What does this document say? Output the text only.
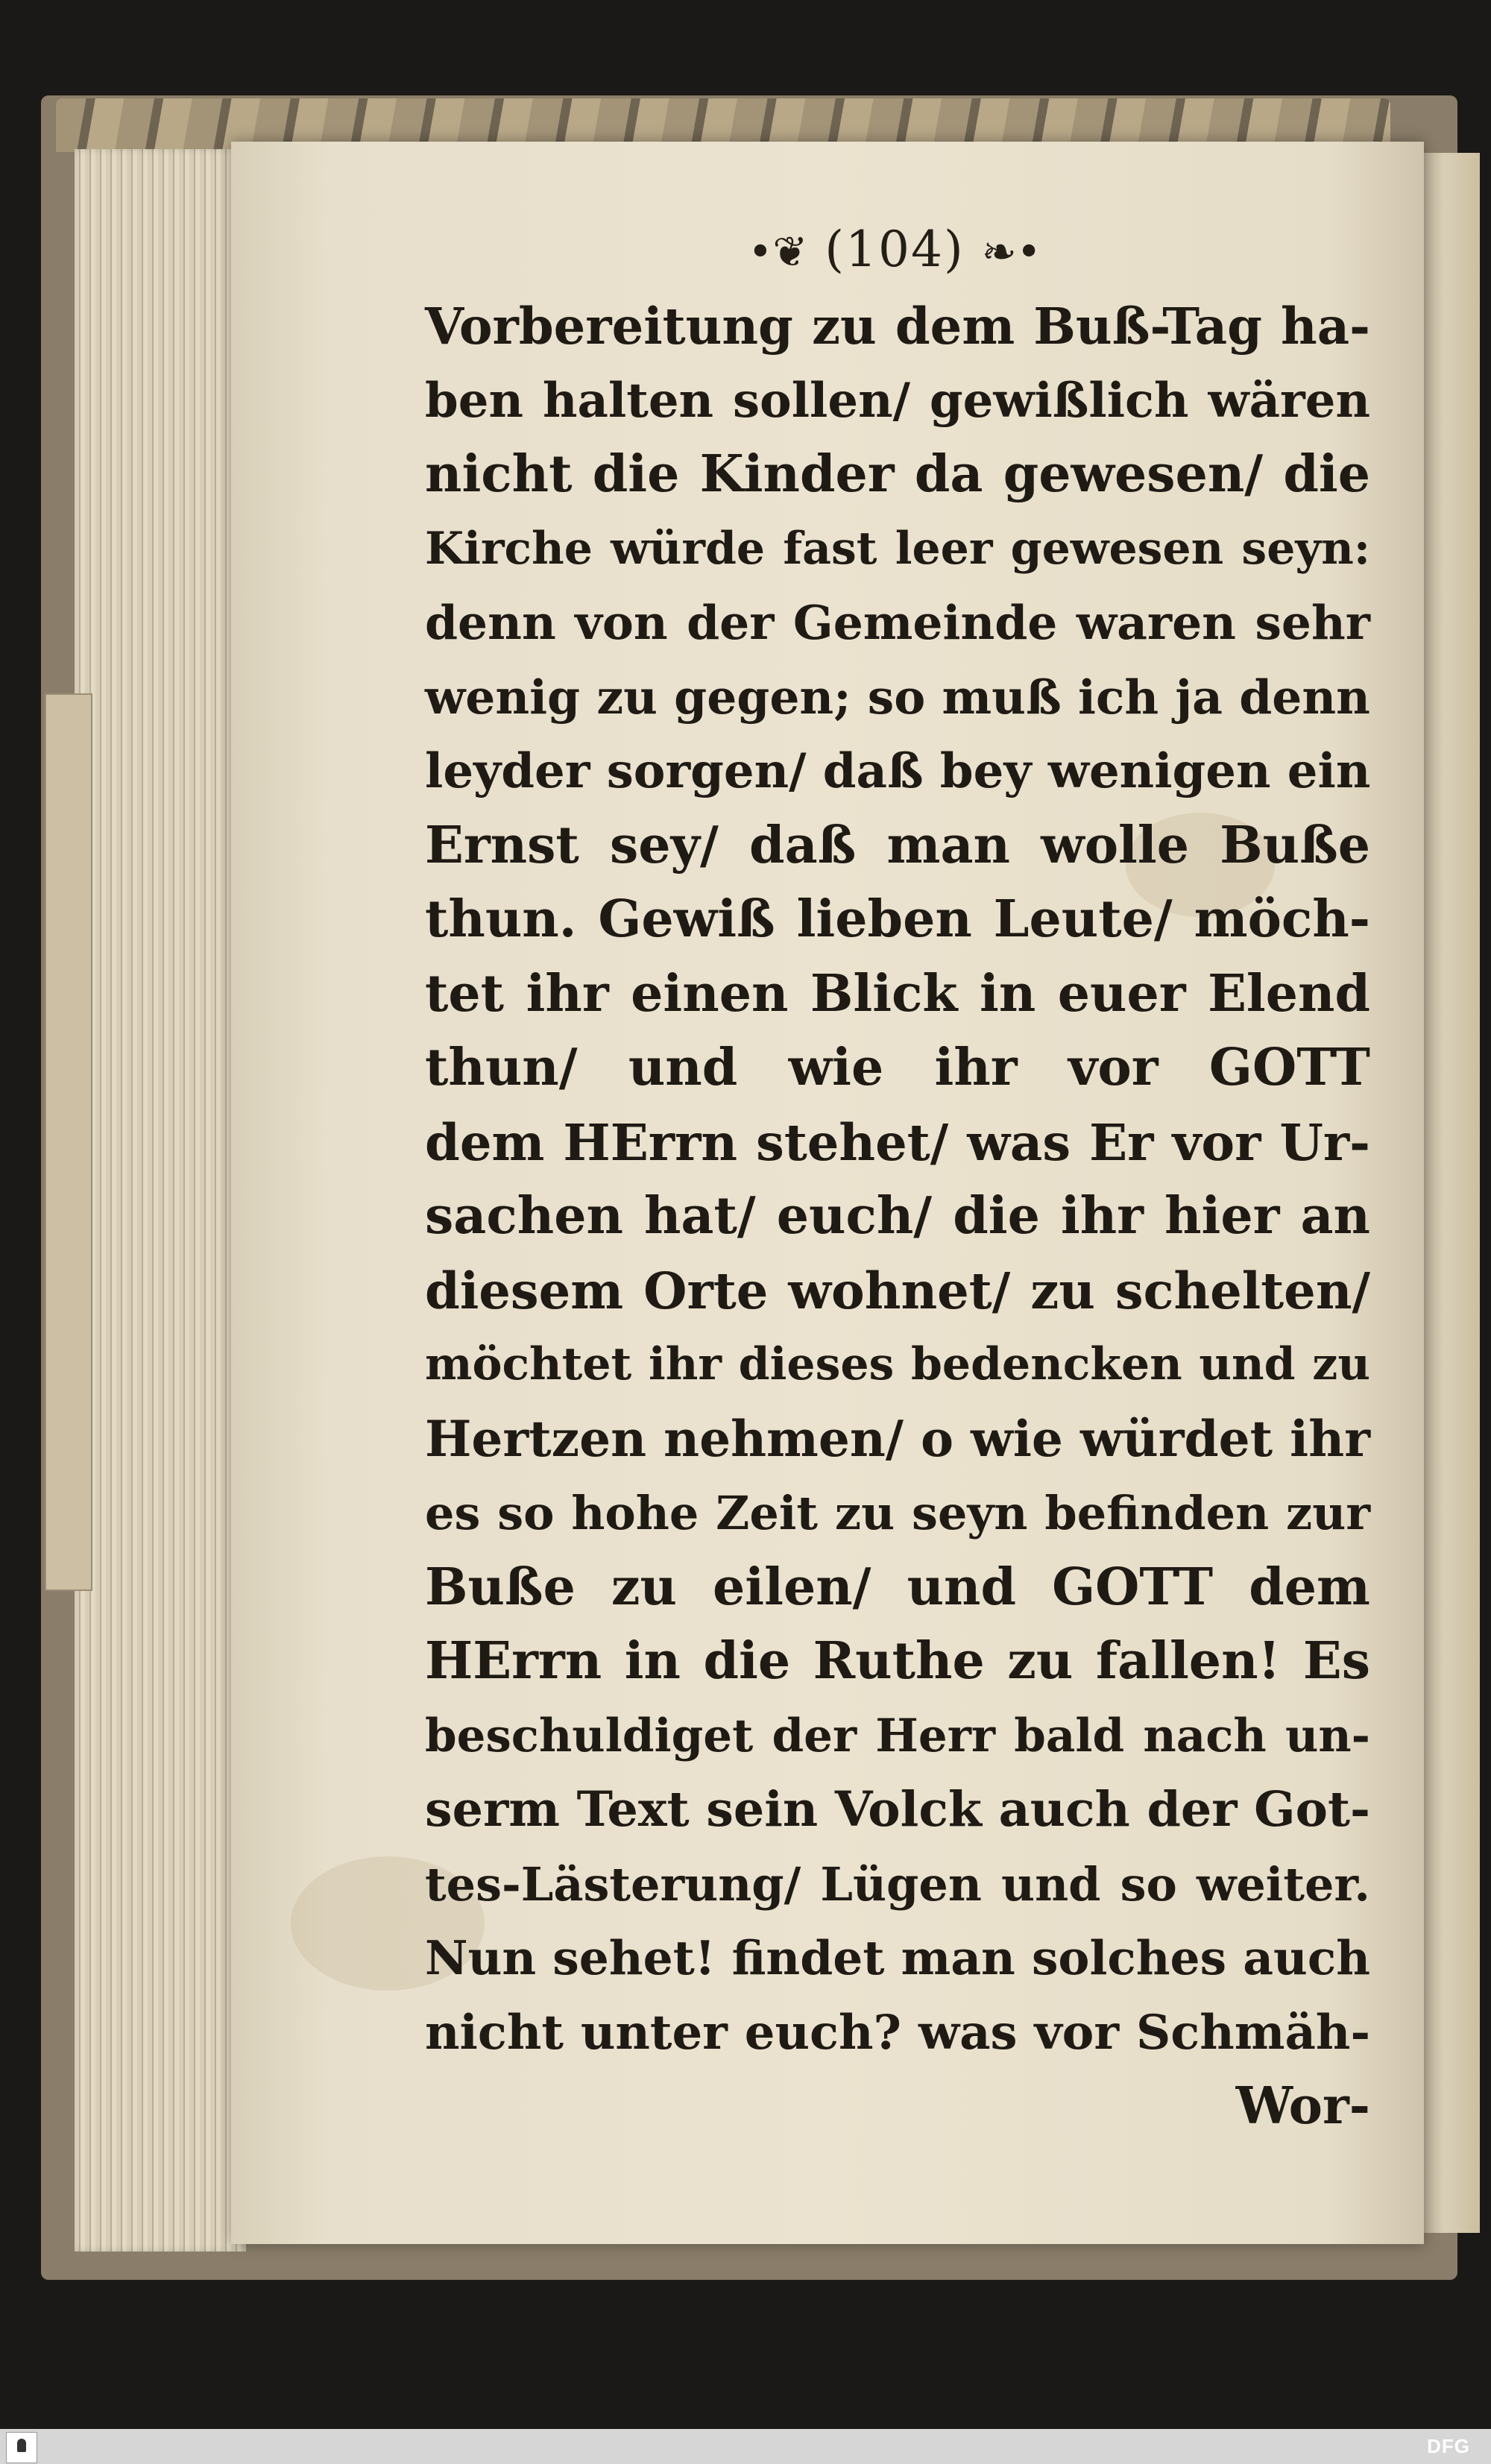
•❦ (104) ❧•
Vorbereitung zu dem Buß-Tag ha-
ben halten sollen/ gewißlich wären
nicht die Kinder da gewesen/ die
Kirche würde fast leer gewesen seyn:
denn von der Gemeinde waren sehr
wenig zu gegen; so muß ich ja denn
leyder sorgen/ daß bey wenigen ein
Ernst sey/ daß man wolle Buße
thun. Gewiß lieben Leute/ möch-
tet ihr einen Blick in euer Elend
thun/ und wie ihr vor GOTT
dem HErrn stehet/ was Er vor Ur-
sachen hat/ euch/ die ihr hier an
diesem Orte wohnet/ zu schelten/
möchtet ihr dieses bedencken und zu
Hertzen nehmen/ o wie würdet ihr
es so hohe Zeit zu seyn befinden zur
Buße zu eilen/ und GOTT dem
HErrn in die Ruthe zu fallen! Es
beschuldiget der Herr bald nach un-
serm Text sein Volck auch der Got-
tes-Lästerung/ Lügen und so weiter.
Nun sehet! findet man solches auch
nicht unter euch? was vor Schmäh-
Wor-
DFG
